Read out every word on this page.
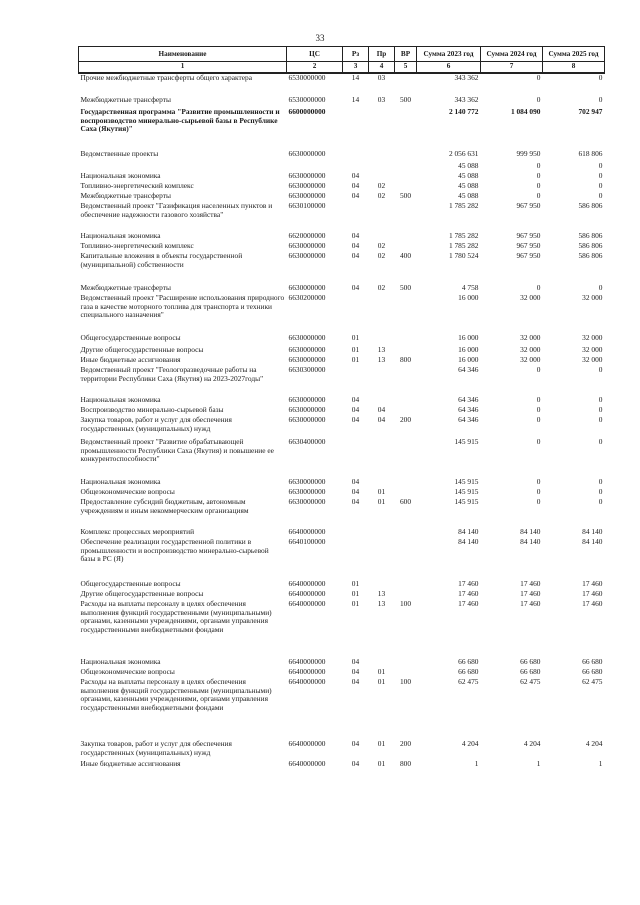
33
Наименование	ЦС	Рз	Пр	ВР	Сумма 2023 год	Сумма 2024 год	Сумма 2025 год
1	2	3	4	5	6	7	8
Прочие межбюджетные трансферты общего характера	6530000000	14	03		343 362	0	0
Межбюджетные трансферты	6530000000	14	03	500	343 362	0	0
Государственная программа "Развитие промышленности и воспроизводство минерально-сырьевой базы в Республике Саха (Якутия)"	6600000000				2 140 772	1 084 090	702 947
Ведомственные проекты	6630000000				2 056 631	999 950	618 806
					45 088	0	0
Национальная экономика	6630000000	04			45 088	0	0
Топливно-энергетический комплекс	6630000000	04	02		45 088	0	0
Межбюджетные трансферты	6630000000	04	02	500	45 088	0	0
Ведомственный проект "Газификация населенных пунктов и обеспечение надежности газового хозяйства"	6630100000				1 785 282	967 950	586 806
Национальная экономика	6620000000	04			1 785 282	967 950	586 806
Топливно-энергетический комплекс	6630000000	04	02		1 785 282	967 950	586 806
Капитальные вложения в объекты государственной (муниципальной) собственности	6630000000	04	02	400	1 780 524	967 950	586 806
Межбюджетные трансферты	6630000000	04	02	500	4 758	0	0
Ведомственный проект "Расширение использования природного газа в качестве моторного топлива для транспорта и техники специального назначения"	6630200000				16 000	32 000	32 000
Общегосударственные вопросы	6630000000	01			16 000	32 000	32 000
Другие общегосударственные вопросы	6630000000	01	13		16 000	32 000	32 000
Иные бюджетные ассигнования	6630000000	01	13	800	16 000	32 000	32 000
Ведомственный проект "Геологоразведочные работы на территории Республики Саха (Якутия) на 2023-2027годы"	6630300000				64 346	0	0
Национальная экономика	6630000000	04			64 346	0	0
Воспроизводство минерально-сырьевой базы	6630000000	04	04		64 346	0	0
Закупка товаров, работ и услуг для обеспечения государственных (муниципальных) нужд	6630000000	04	04	200	64 346	0	0
Ведомственный проект "Развитие обрабатывающей промышленности Республики Саха (Якутия) и повышение ее конкурентоспособности"	6630400000				145 915	0	0
Национальная экономика	6630000000	04			145 915	0	0
Общеэкономические вопросы	6630000000	04	01		145 915	0	0
Предоставление субсидий бюджетным, автономным учреждениям и иным некоммерческим организациям	6630000000	04	01	600	145 915	0	0
Комплекс процессных мероприятий	6640000000				84 140	84 140	84 140
Обеспечение реализации государственной политики в промышленности и воспроизводство минерально-сырьевой базы в РС (Я)	6640100000				84 140	84 140	84 140
Общегосударственные вопросы	6640000000	01			17 460	17 460	17 460
Другие общегосударственные вопросы	6640000000	01	13		17 460	17 460	17 460
Расходы на выплаты персоналу в целях обеспечения выполнения функций государственными (муниципальными) органами, казенными учреждениями, органами управления государственными внебюджетными фондами	6640000000	01	13	100	17 460	17 460	17 460
Национальная экономика	6640000000	04			66 680	66 680	66 680
Общеэкономические вопросы	6640000000	04	01		66 680	66 680	66 680
Расходы на выплаты персоналу в целях обеспечения выполнения функций государственными (муниципальными) органами, казенными учреждениями, органами управления государственными внебюджетными фондами	6640000000	04	01	100	62 475	62 475	62 475
Закупка товаров, работ и услуг для обеспечения государственных (муниципальных) нужд	6640000000	04	01	200	4 204	4 204	4 204
Иные бюджетные ассигнования	6640000000	04	01	800	1	1	1
